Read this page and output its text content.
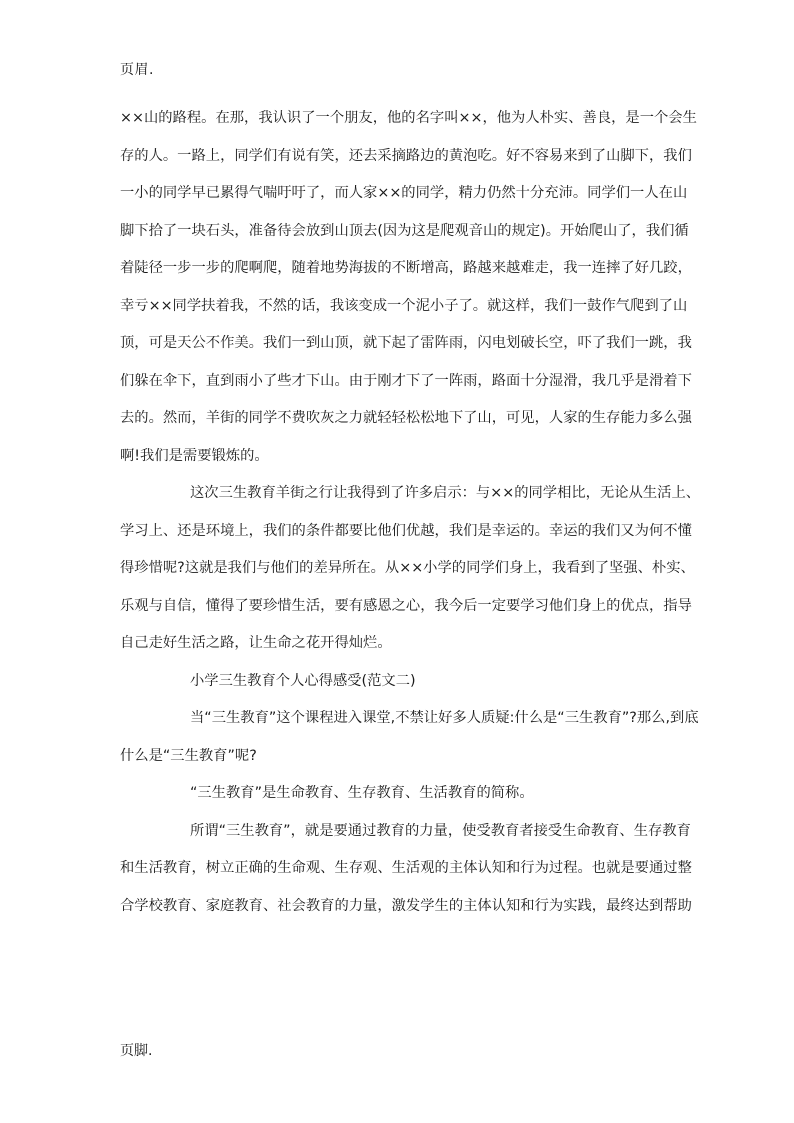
页眉.
××山的路程。在那，我认识了一个朋友，他的名字叫××，他为人朴实、善良，是一个会生
存的人。一路上，同学们有说有笑，还去采摘路边的黄泡吃。好不容易来到了山脚下，我们
一小的同学早已累得气喘吁吁了，而人家××的同学，精力仍然十分充沛。同学们一人在山
脚下拾了一块石头，准备待会放到山顶去(因为这是爬观音山的规定)。开始爬山了，我们循
着陡径一步一步的爬啊爬，随着地势海拔的不断增高，路越来越难走，我一连摔了好几跤，
幸亏××同学扶着我，不然的话，我该变成一个泥小子了。就这样，我们一鼓作气爬到了山
顶，可是天公不作美。我们一到山顶，就下起了雷阵雨，闪电划破长空，吓了我们一跳，我
们躲在伞下，直到雨小了些才下山。由于刚才下了一阵雨，路面十分湿滑，我几乎是滑着下
去的。然而，羊街的同学不费吹灰之力就轻轻松松地下了山，可见，人家的生存能力多么强
啊!我们是需要锻炼的。
这次三生教育羊街之行让我得到了许多启示：与××的同学相比，无论从生活上、
学习上、还是环境上，我们的条件都要比他们优越，我们是幸运的。幸运的我们又为何不懂
得珍惜呢?这就是我们与他们的差异所在。从××小学的同学们身上，我看到了坚强、朴实、
乐观与自信，懂得了要珍惜生活，要有感恩之心，我今后一定要学习他们身上的优点，指导
自己走好生活之路，让生命之花开得灿烂。
小学三生教育个人心得感受(范文二)
当“三生教育”这个课程进入课堂,不禁让好多人质疑:什么是“三生教育”?那么,到底
什么是“三生教育”呢?
“三生教育”是生命教育、生存教育、生活教育的简称。
所谓“三生教育”，就是要通过教育的力量，使受教育者接受生命教育、生存教育
和生活教育，树立正确的生命观、生存观、生活观的主体认知和行为过程。也就是要通过整
合学校教育、家庭教育、社会教育的力量，激发学生的主体认知和行为实践，最终达到帮助
页脚.
